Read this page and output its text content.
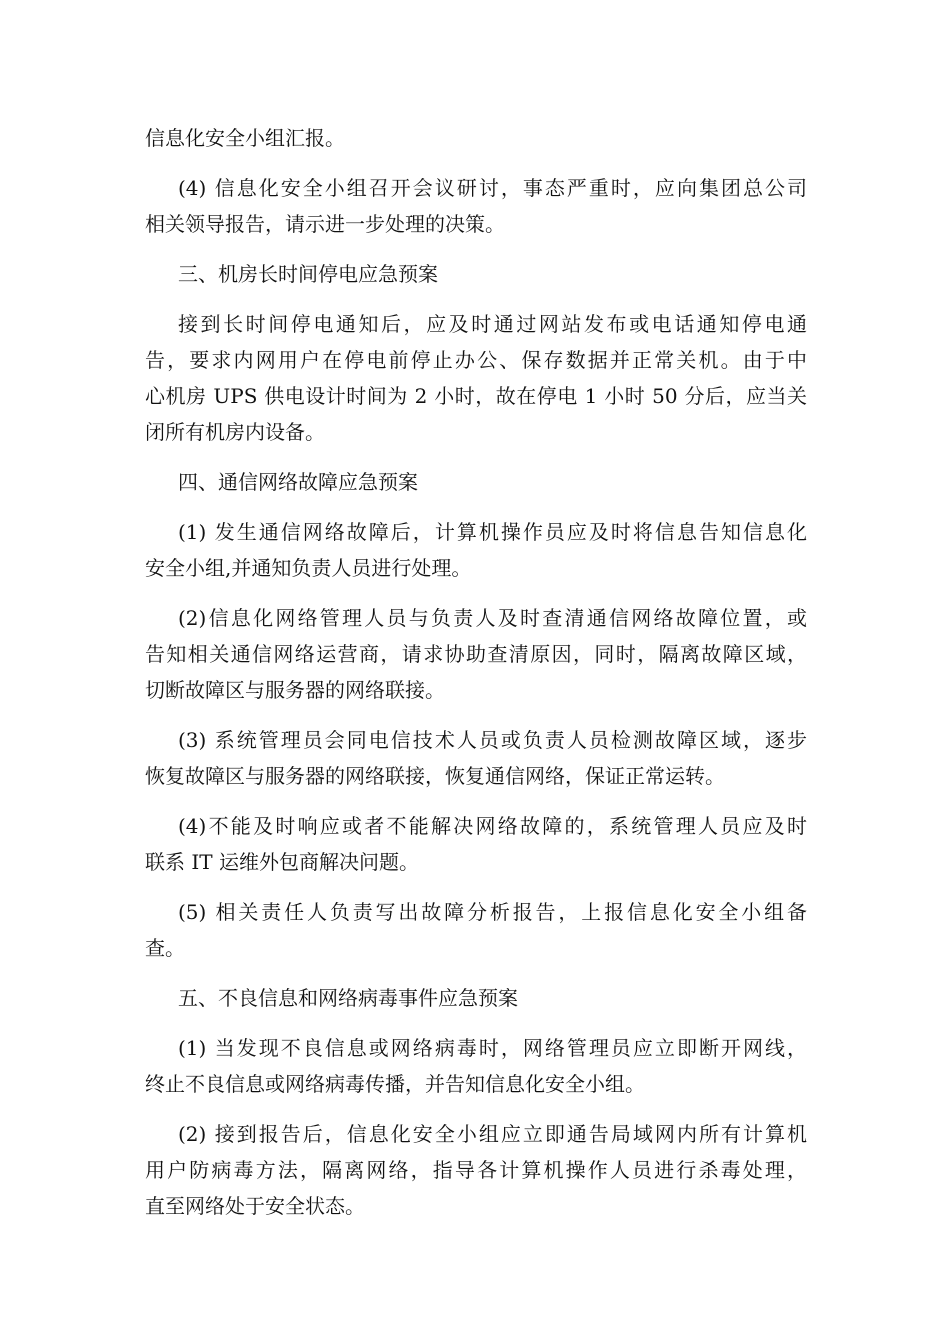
信息化安全小组汇报。
(4) 信息化安全小组召开会议研讨，事态严重时，应向集团总公司
相关领导报告，请示进一步处理的决策。
三、机房长时间停电应急预案
接到长时间停电通知后，应及时通过网站发布或电话通知停电通
告，要求内网用户在停电前停止办公、保存数据并正常关机。由于中
心机房 UPS 供电设计时间为 2 小时，故在停电 1 小时 50 分后，应当关
闭所有机房内设备。
四、通信网络故障应急预案
(1) 发生通信网络故障后，计算机操作员应及时将信息告知信息化
安全小组,并通知负责人员进行处理。
(2)信息化网络管理人员与负责人及时查清通信网络故障位置，或
告知相关通信网络运营商，请求协助查清原因，同时，隔离故障区域，
切断故障区与服务器的网络联接。
(3) 系统管理员会同电信技术人员或负责人员检测故障区域，逐步
恢复故障区与服务器的网络联接，恢复通信网络，保证正常运转。
(4)不能及时响应或者不能解决网络故障的，系统管理人员应及时
联系 IT 运维外包商解决问题。
(5) 相关责任人负责写出故障分析报告，上报信息化安全小组备
查。
五、不良信息和网络病毒事件应急预案
(1) 当发现不良信息或网络病毒时，网络管理员应立即断开网线，
终止不良信息或网络病毒传播，并告知信息化安全小组。
(2) 接到报告后，信息化安全小组应立即通告局域网内所有计算机
用户防病毒方法，隔离网络，指导各计算机操作人员进行杀毒处理，
直至网络处于安全状态。
